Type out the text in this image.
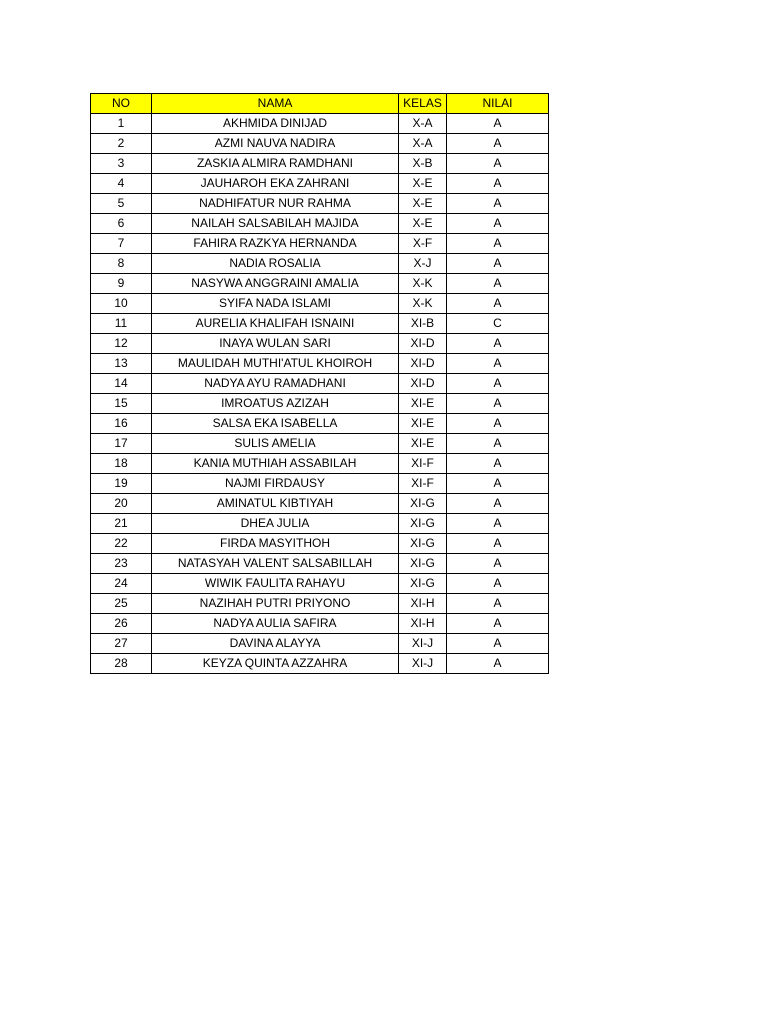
NO	NAMA	KELAS	NILAI
1	AKHMIDA DINIJAD	X-A	A
2	AZMI NAUVA NADIRA	X-A	A
3	ZASKIA ALMIRA RAMDHANI	X-B	A
4	JAUHAROH EKA ZAHRANI	X-E	A
5	NADHIFATUR NUR RAHMA	X-E	A
6	NAILAH SALSABILAH MAJIDA	X-E	A
7	FAHIRA RAZKYA HERNANDA	X-F	A
8	NADIA ROSALIA	X-J	A
9	NASYWA ANGGRAINI AMALIA	X-K	A
10	SYIFA NADA ISLAMI	X-K	A
11	AURELIA KHALIFAH ISNAINI	XI-B	C
12	INAYA WULAN SARI	XI-D	A
13	MAULIDAH MUTHI'ATUL KHOIROH	XI-D	A
14	NADYA AYU RAMADHANI	XI-D	A
15	IMROATUS AZIZAH	XI-E	A
16	SALSA EKA ISABELLA	XI-E	A
17	SULIS AMELIA	XI-E	A
18	KANIA MUTHIAH ASSABILAH	XI-F	A
19	NAJMI FIRDAUSY	XI-F	A
20	AMINATUL KIBTIYAH	XI-G	A
21	DHEA JULIA	XI-G	A
22	FIRDA MASYITHOH	XI-G	A
23	NATASYAH VALENT SALSABILLAH	XI-G	A
24	WIWIK FAULITA RAHAYU	XI-G	A
25	NAZIHAH PUTRI PRIYONO	XI-H	A
26	NADYA AULIA SAFIRA	XI-H	A
27	DAVINA ALAYYA	XI-J	A
28	KEYZA QUINTA AZZAHRA	XI-J	A
